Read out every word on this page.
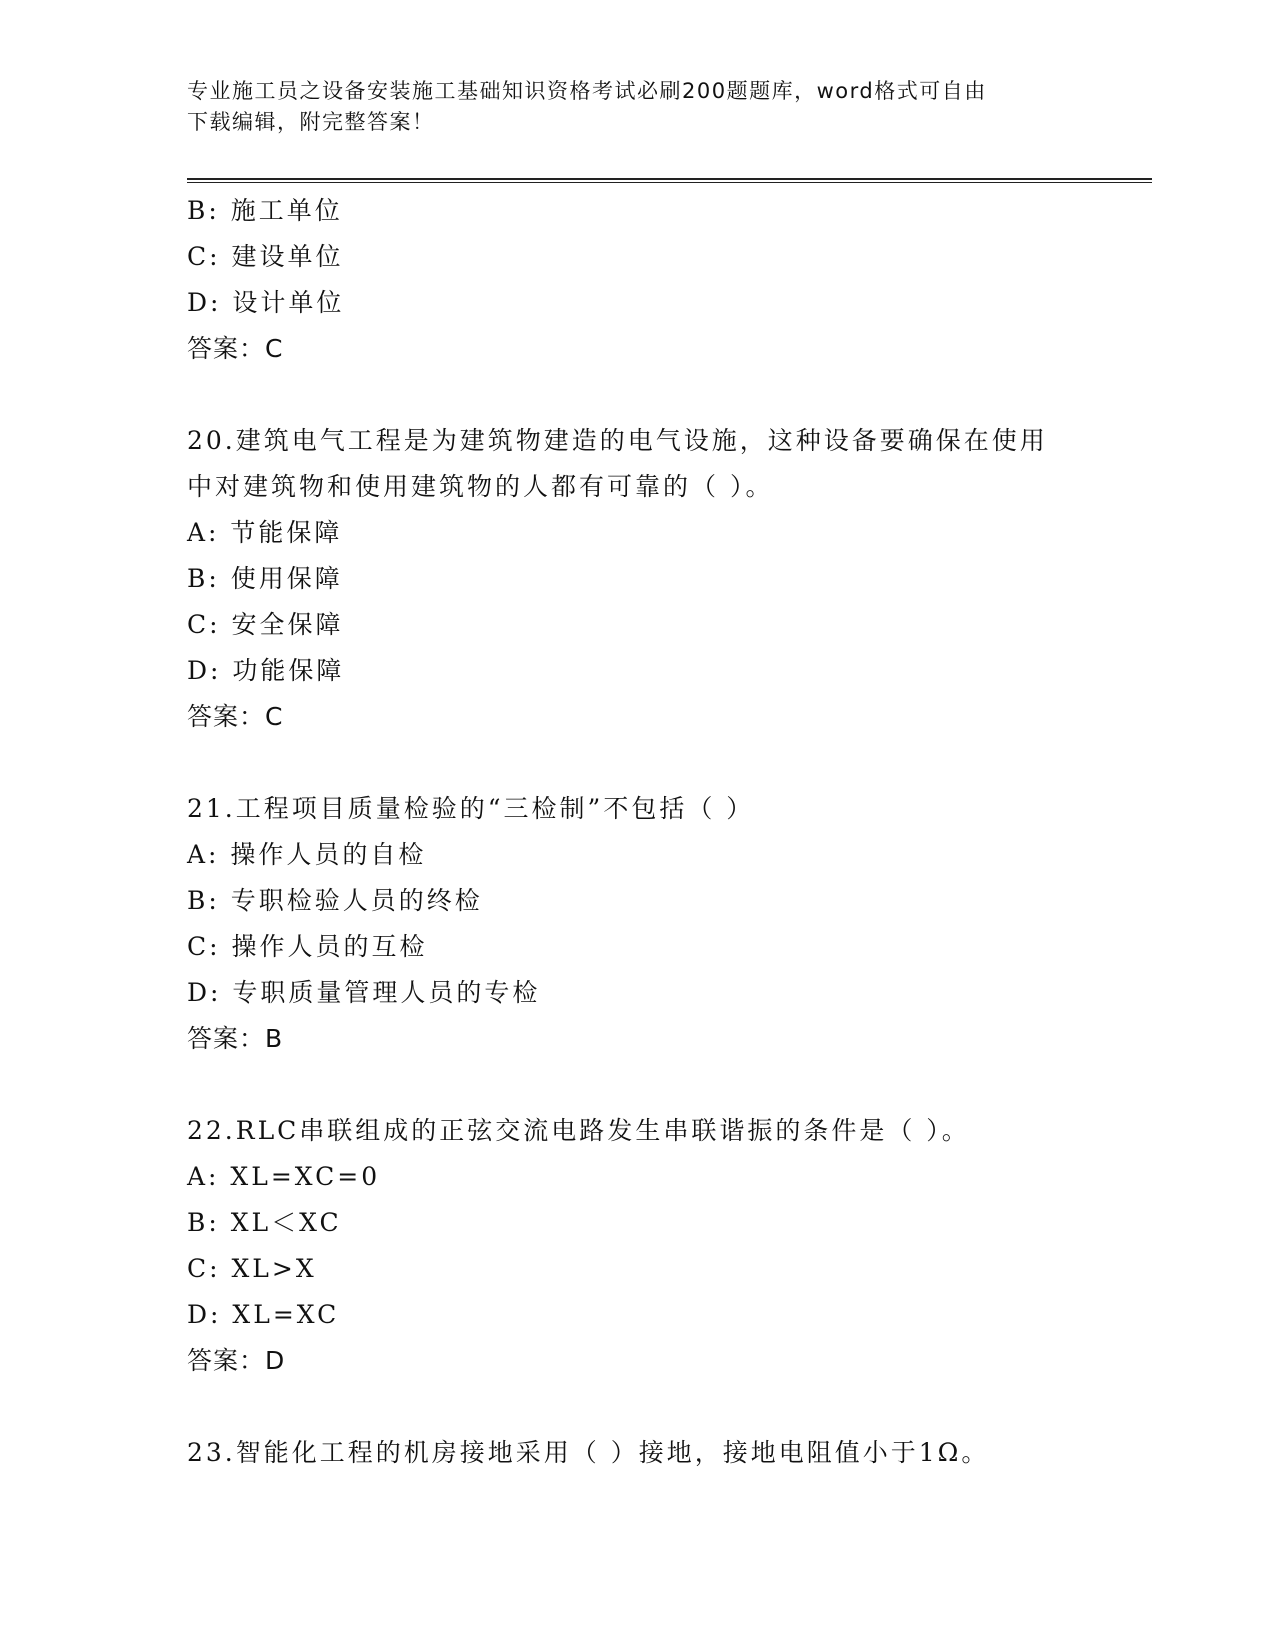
专业施工员之设备安装施工基础知识资格考试必刷200题题库，word格式可自由
下载编辑，附完整答案！
B: 施工单位
C: 建设单位
D: 设计单位
答案：C
20.建筑电气工程是为建筑物建造的电气设施，这种设备要确保在使用
中对建筑物和使用建筑物的人都有可靠的（ ）。
A: 节能保障
B: 使用保障
C: 安全保障
D: 功能保障
答案：C
21.工程项目质量检验的“三检制”不包括（ ）
A: 操作人员的自检
B: 专职检验人员的终检
C: 操作人员的互检
D: 专职质量管理人员的专检
答案：B
22.RLC串联组成的正弦交流电路发生串联谐振的条件是（ ）。
A: XL=XC=0
B: XL＜XC
C: XL>X
D: XL=XC
答案：D
23.智能化工程的机房接地采用（ ）接地，接地电阻值小于1Ω。
